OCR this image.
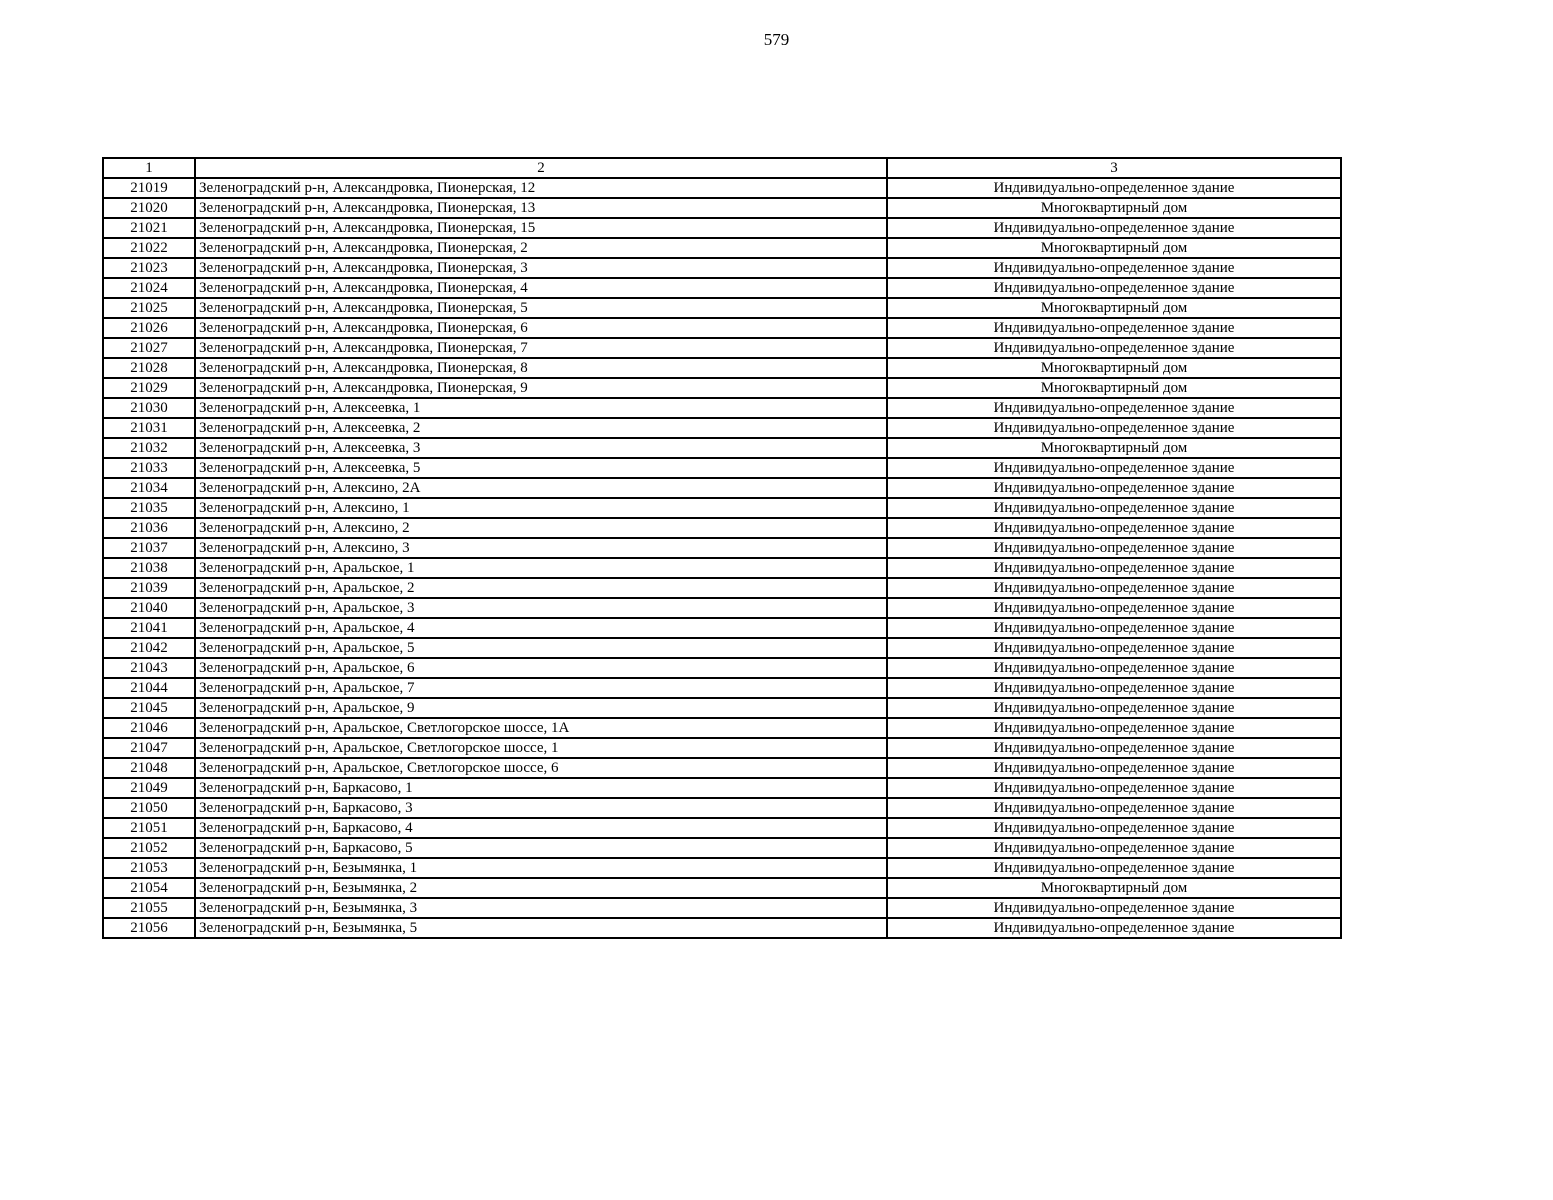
579
1	2	3
21019	Зеленоградский р-н, Александровка, Пионерская, 12	Индивидуально-определенное здание
21020	Зеленоградский р-н, Александровка, Пионерская, 13	Многоквартирный дом
21021	Зеленоградский р-н, Александровка, Пионерская, 15	Индивидуально-определенное здание
21022	Зеленоградский р-н, Александровка, Пионерская, 2	Многоквартирный дом
21023	Зеленоградский р-н, Александровка, Пионерская, 3	Индивидуально-определенное здание
21024	Зеленоградский р-н, Александровка, Пионерская, 4	Индивидуально-определенное здание
21025	Зеленоградский р-н, Александровка, Пионерская, 5	Многоквартирный дом
21026	Зеленоградский р-н, Александровка, Пионерская, 6	Индивидуально-определенное здание
21027	Зеленоградский р-н, Александровка, Пионерская, 7	Индивидуально-определенное здание
21028	Зеленоградский р-н, Александровка, Пионерская, 8	Многоквартирный дом
21029	Зеленоградский р-н, Александровка, Пионерская, 9	Многоквартирный дом
21030	Зеленоградский р-н, Алексеевка, 1	Индивидуально-определенное здание
21031	Зеленоградский р-н, Алексеевка, 2	Индивидуально-определенное здание
21032	Зеленоградский р-н, Алексеевка, 3	Многоквартирный дом
21033	Зеленоградский р-н, Алексеевка, 5	Индивидуально-определенное здание
21034	Зеленоградский р-н, Алексино, 2А	Индивидуально-определенное здание
21035	Зеленоградский р-н, Алексино, 1	Индивидуально-определенное здание
21036	Зеленоградский р-н, Алексино, 2	Индивидуально-определенное здание
21037	Зеленоградский р-н, Алексино, 3	Индивидуально-определенное здание
21038	Зеленоградский р-н, Аральское, 1	Индивидуально-определенное здание
21039	Зеленоградский р-н, Аральское, 2	Индивидуально-определенное здание
21040	Зеленоградский р-н, Аральское, 3	Индивидуально-определенное здание
21041	Зеленоградский р-н, Аральское, 4	Индивидуально-определенное здание
21042	Зеленоградский р-н, Аральское, 5	Индивидуально-определенное здание
21043	Зеленоградский р-н, Аральское, 6	Индивидуально-определенное здание
21044	Зеленоградский р-н, Аральское, 7	Индивидуально-определенное здание
21045	Зеленоградский р-н, Аральское, 9	Индивидуально-определенное здание
21046	Зеленоградский р-н, Аральское, Светлогорское шоссе, 1А	Индивидуально-определенное здание
21047	Зеленоградский р-н, Аральское, Светлогорское шоссе, 1	Индивидуально-определенное здание
21048	Зеленоградский р-н, Аральское, Светлогорское шоссе, 6	Индивидуально-определенное здание
21049	Зеленоградский р-н, Баркасово, 1	Индивидуально-определенное здание
21050	Зеленоградский р-н, Баркасово, 3	Индивидуально-определенное здание
21051	Зеленоградский р-н, Баркасово, 4	Индивидуально-определенное здание
21052	Зеленоградский р-н, Баркасово, 5	Индивидуально-определенное здание
21053	Зеленоградский р-н, Безымянка, 1	Индивидуально-определенное здание
21054	Зеленоградский р-н, Безымянка, 2	Многоквартирный дом
21055	Зеленоградский р-н, Безымянка, 3	Индивидуально-определенное здание
21056	Зеленоградский р-н, Безымянка, 5	Индивидуально-определенное здание
